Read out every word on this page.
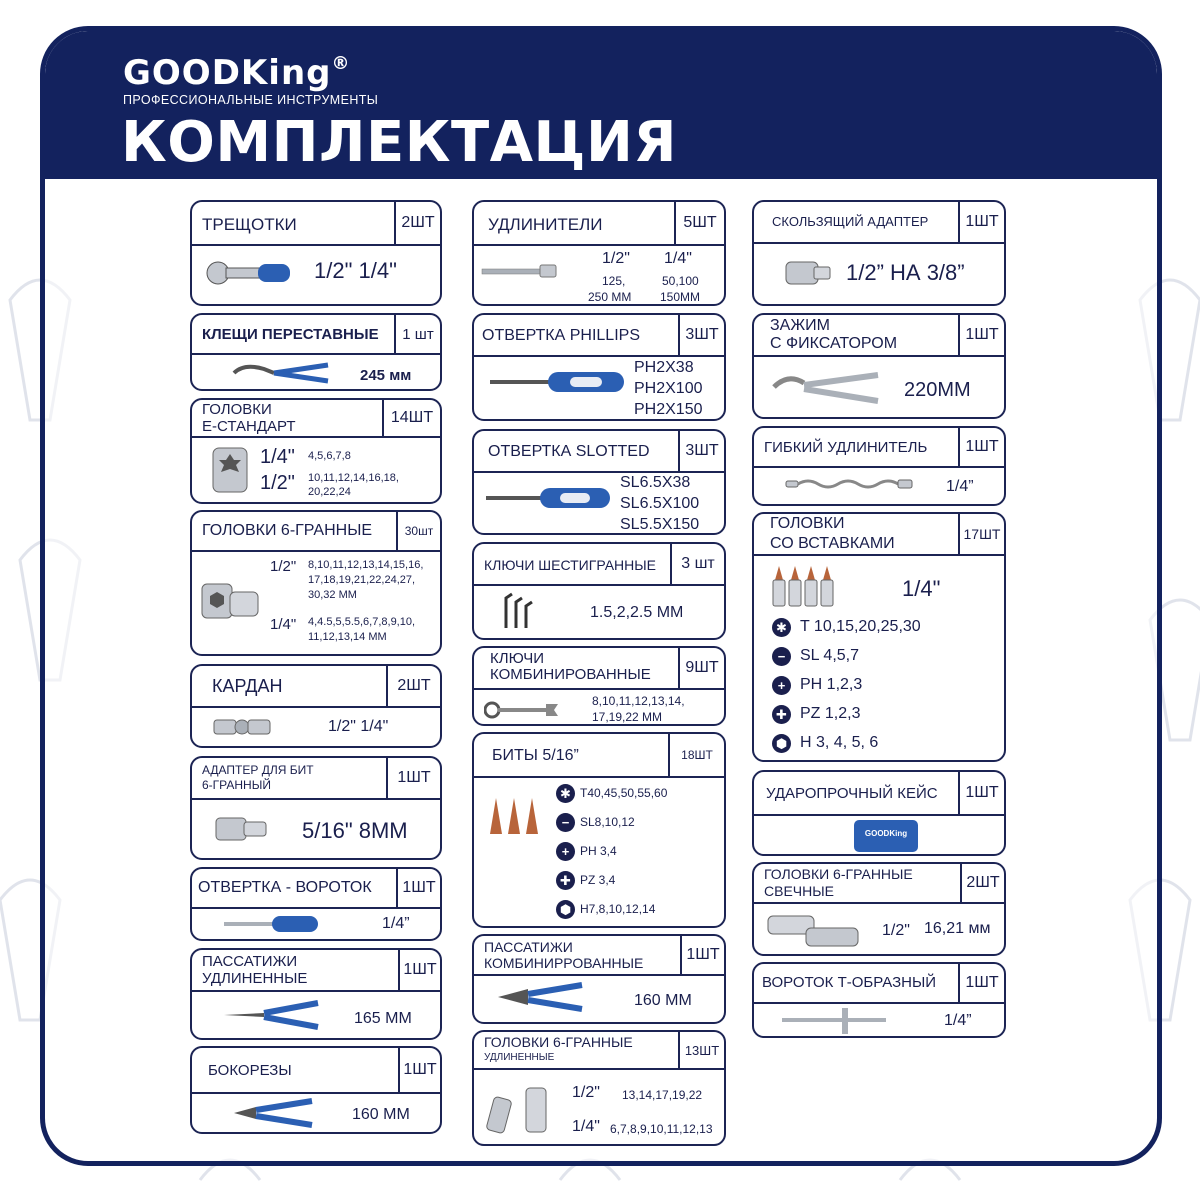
GOODKing®
ПРОФЕССИОНАЛЬНЫЕ ИНСТРУМЕНТЫ
КОМПЛЕКТАЦИЯ
ТРЕЩОТКИ	2ШТ
1/2" 1/4"
КЛЕЩИ ПЕРЕСТАВНЫЕ	1 шт
245 мм
ГОЛОВКИ
Е-СТАНДАРТ
14ШТ
1/4" 4,5,6,7,8
1/2" 10,11,12,14,16,18,
20,22,24
ГОЛОВКИ 6-ГРАННЫЕ	30шт
1/2" 8,10,11,12,13,14,15,16,
17,18,19,21,22,24,27,
30,32 MM
1/4" 4,4.5,5,5.5,6,7,8,9,10,
11,12,13,14 MM
КАРДАН	2ШТ
1/2" 1/4"
АДАПТЕР ДЛЯ БИТ
6-ГРАННЫЙ	1ШТ
5/16" 8ММ
ОТВЕРТКА - ВОРОТОК	1ШТ
1/4”
ПАССАТИЖИ
УДЛИНЕННЫЕ
1ШТ
165 ММ
БОКОРЕЗЫ	1ШТ
160 ММ
УДЛИНИТЕЛИ	5ШТ
1/2"
125,
250 MM
1/4"
50,100
150MM
ОТВЕРТКА PHILLIPS	3ШТ
PH2X38
PH2X100
PH2X150
ОТВЕРТКА SLOTTED	3ШТ
SL6.5X38
SL6.5X100
SL5.5X150
КЛЮЧИ ШЕСТИГРАННЫЕ	3 шт
1.5,2,2.5 ММ
КЛЮЧИ
КОМБИНИРОВАННЫЕ	9ШТ
8,10,11,12,13,14,
17,19,22 MM
БИТЫ 5/16”	18ШТ
✱ T40,45,50,55,60
− SL8,10,12
+ PH 3,4
✚ PZ 3,4
⬢ H7,8,10,12,14
ПАССАТИЖИ
КОМБИНИРРОВАННЫЕ	1ШТ
160 ММ
ГОЛОВКИ 6-ГРАННЫЕ
УДЛИНЕННЫЕ	13ШТ
1/2" 13,14,17,19,22
1/4" 6,7,8,9,10,11,12,13
СКОЛЬЗЯЩИЙ АДАПТЕР	1ШТ
1/2” НА 3/8”
ЗАЖИМ
С ФИКСАТОРОМ
1ШТ
220ММ
ГИБКИЙ УДЛИНИТЕЛЬ	1ШТ
1/4”
ГОЛОВКИ
СО ВСТАВКАМИ
17ШТ
1/4"
✱ T 10,15,20,25,30
− SL 4,5,7
+ PH 1,2,3
✚ PZ 1,2,3
⬢ H 3, 4, 5, 6
УДАРОПРОЧНЫЙ КЕЙС	1ШТ
GOODKing
ГОЛОВКИ 6-ГРАННЫЕ
СВЕЧНЫЕ	2ШТ
1/2" 16,21 мм
ВОРОТОК Т-ОБРАЗНЫЙ	1ШТ
1/4”
